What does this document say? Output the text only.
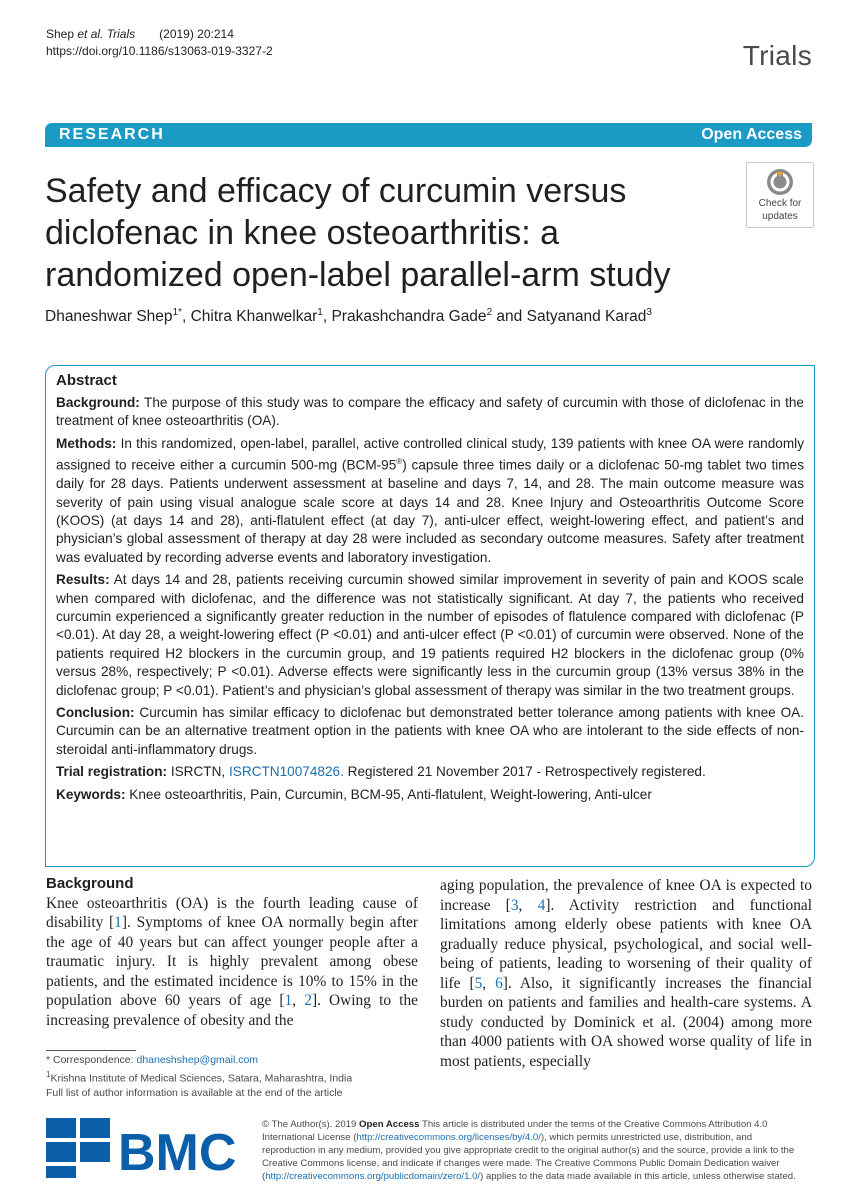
Shep et al. Trials (2019) 20:214
https://doi.org/10.1186/s13063-019-3327-2	Trials
RESEARCH	Open Access
Safety and efficacy of curcumin versus diclofenac in knee osteoarthritis: a randomized open-label parallel-arm study
Check for
updates
Dhaneshwar Shep$^{1*}$, Chitra Khanwelkar$^1$, Prakashchandra Gade$^2$ and Satyanand Karad$^3$
Abstract

Background: The purpose of this study was to compare the efficacy and safety of curcumin with those of diclofenac in the treatment of knee osteoarthritis (OA).

Methods: In this randomized, open-label, parallel, active controlled clinical study, 139 patients with knee OA were randomly assigned to receive either a curcumin 500-mg (BCM-95®) capsule three times daily or a diclofenac 50-mg tablet two times daily for 28 days. Patients underwent assessment at baseline and days 7, 14, and 28. The main outcome measure was severity of pain using visual analogue scale score at days 14 and 28. Knee Injury and Osteoarthritis Outcome Score (KOOS) (at days 14 and 28), anti-flatulent effect (at day 7), anti-ulcer effect, weight-lowering effect, and patient’s and physician’s global assessment of therapy at day 28 were included as secondary outcome measures. Safety after treatment was evaluated by recording adverse events and laboratory investigation.

Results: At days 14 and 28, patients receiving curcumin showed similar improvement in severity of pain and KOOS scale when compared with diclofenac, and the difference was not statistically significant. At day 7, the patients who received curcumin experienced a significantly greater reduction in the number of episodes of flatulence compared with diclofenac (P <0.01). At day 28, a weight-lowering effect (P <0.01) and anti-ulcer effect (P <0.01) of curcumin were observed. None of the patients required H2 blockers in the curcumin group, and 19 patients required H2 blockers in the diclofenac group (0% versus 28%, respectively; P <0.01). Adverse effects were significantly less in the curcumin group (13% versus 38% in the diclofenac group; P <0.01). Patient’s and physician’s global assessment of therapy was similar in the two treatment groups.

Conclusion: Curcumin has similar efficacy to diclofenac but demonstrated better tolerance among patients with knee OA. Curcumin can be an alternative treatment option in the patients with knee OA who are intolerant to the side effects of non-steroidal anti-inflammatory drugs.

Trial registration: ISRCTN, ISRCTN10074826. Registered 21 November 2017 - Retrospectively registered.

Keywords: Knee osteoarthritis, Pain, Curcumin, BCM-95, Anti-flatulent, Weight-lowering, Anti-ulcer

Background

Knee osteoarthritis (OA) is the fourth leading cause of disability [1]. Symptoms of knee OA normally begin after the age of 40 years but can affect younger people after a traumatic injury. It is highly prevalent among obese patients, and the estimated incidence is 10% to 15% in the population above 60 years of age [1, 2]. Owing to the increasing prevalence of obesity and the

aging population, the prevalence of knee OA is expected to increase [3, 4]. Activity restriction and functional limitations among elderly obese patients with knee OA gradually reduce physical, psychological, and social well-being of patients, leading to worsening of their quality of life [5, 6]. Also, it significantly increases the financial burden on patients and families and health-care systems. A study conducted by Dominick et al. (2004) among more than 4000 patients with OA showed worse quality of life in most patients, especially

* Correspondence: dhaneshshep@gmail.com
$^1$Krishna Institute of Medical Sciences, Satara, Maharashtra, India
Full list of author information is available at the end of the article
BMC	© The Author(s). 2019 Open Access This article is distributed under the terms of the Creative Commons Attribution 4.0 International License (http://creativecommons.org/licenses/by/4.0/), which permits unrestricted use, distribution, and reproduction in any medium, provided you give appropriate credit to the original author(s) and the source, provide a link to the Creative Commons license, and indicate if changes were made. The Creative Commons Public Domain Dedication waiver (http://creativecommons.org/publicdomain/zero/1.0/) applies to the data made available in this article, unless otherwise stated.
